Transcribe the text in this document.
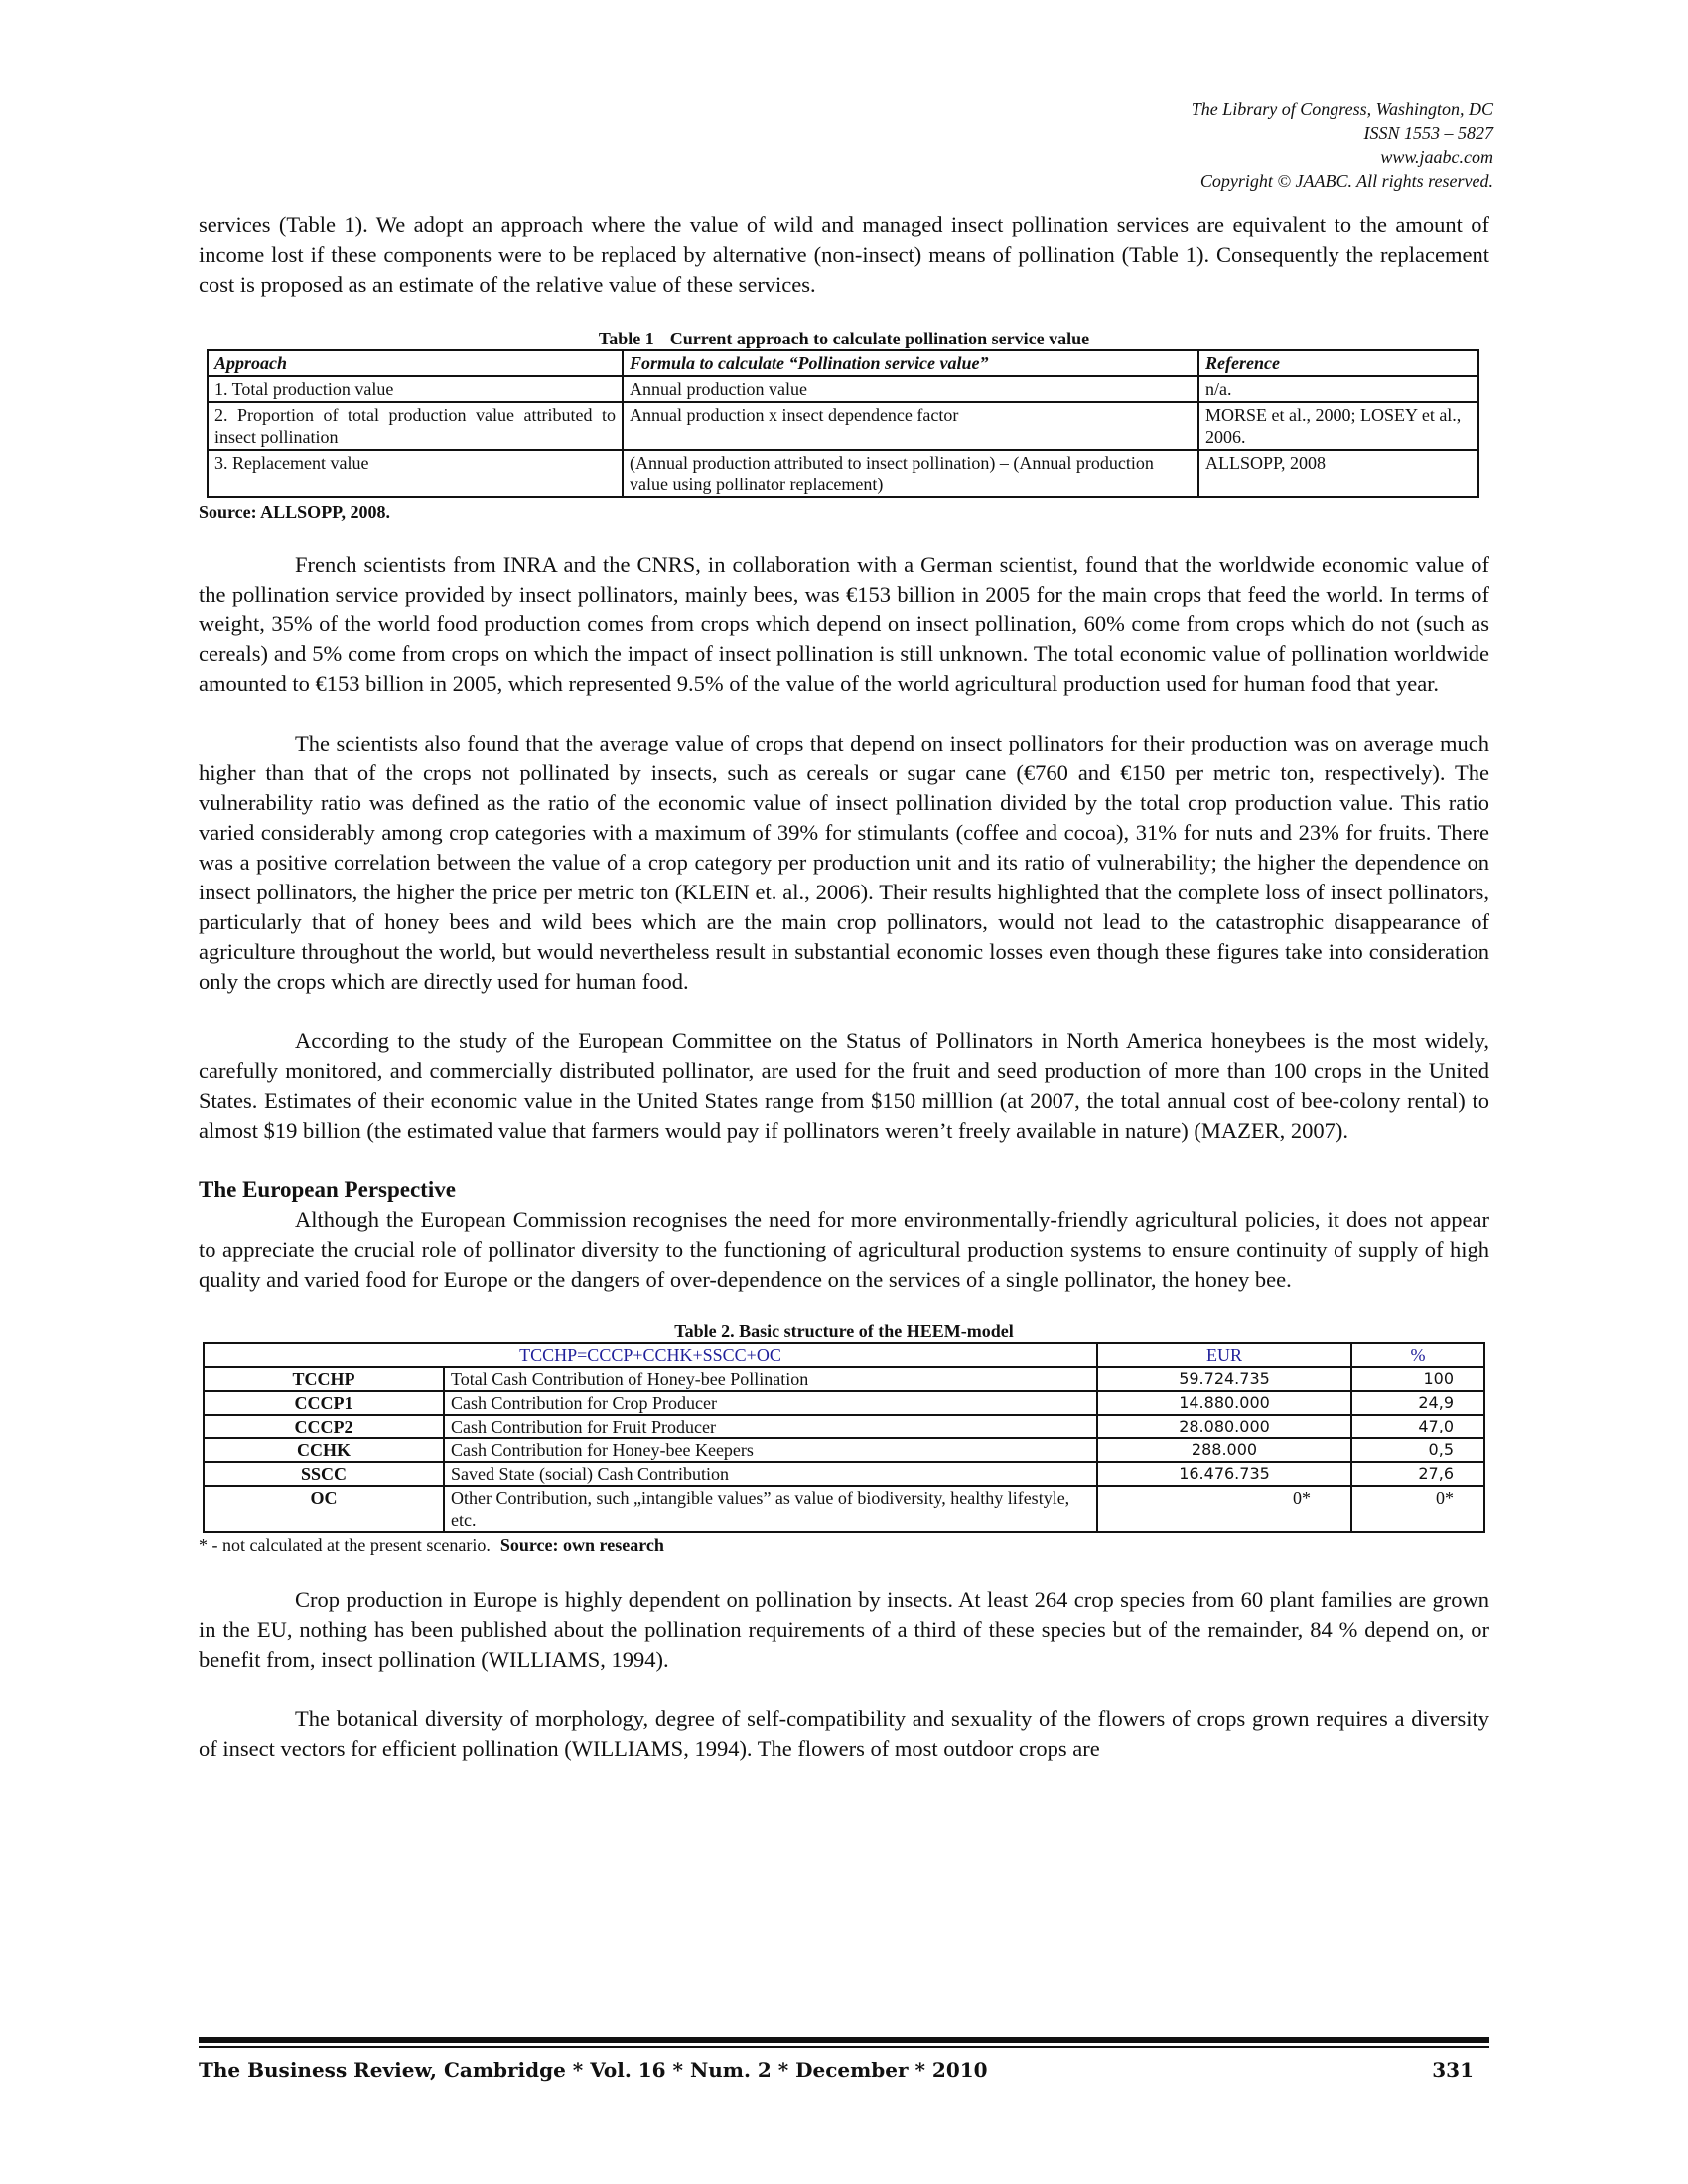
The Library of Congress, Washington, DC
ISSN 1553 – 5827
www.jaabc.com
Copyright © JAABC. All rights reserved.

services (Table 1). We adopt an approach where the value of wild and managed insect pollination services are equivalent to the amount of income lost if these components were to be replaced by alternative (non-insect) means of pollination (Table 1). Consequently the replacement cost is proposed as an estimate of the relative value of these services.

Table 1 Current approach to calculate pollination service value
Approach	Formula to calculate “Pollination service value”	Reference
1. Total production value	Annual production value	n/a.
2. Proportion of total production value attributed to insect pollination	Annual production x insect dependence factor	MORSE et al., 2000; LOSEY et al., 2006.
3. Replacement value	(Annual production attributed to insect pollination) – (Annual production value using pollinator replacement)	ALLSOPP, 2008
Source: ALLSOPP, 2008.

French scientists from INRA and the CNRS, in collaboration with a German scientist, found that the worldwide economic value of the pollination service provided by insect pollinators, mainly bees, was €153 billion in 2005 for the main crops that feed the world. In terms of weight, 35% of the world food production comes from crops which depend on insect pollination, 60% come from crops which do not (such as cereals) and 5% come from crops on which the impact of insect pollination is still unknown. The total economic value of pollination worldwide amounted to €153 billion in 2005, which represented 9.5% of the value of the world agricultural production used for human food that year.

The scientists also found that the average value of crops that depend on insect pollinators for their production was on average much higher than that of the crops not pollinated by insects, such as cereals or sugar cane (€760 and €150 per metric ton, respectively). The vulnerability ratio was defined as the ratio of the economic value of insect pollination divided by the total crop production value. This ratio varied considerably among crop categories with a maximum of 39% for stimulants (coffee and cocoa), 31% for nuts and 23% for fruits. There was a positive correlation between the value of a crop category per production unit and its ratio of vulnerability; the higher the dependence on insect pollinators, the higher the price per metric ton (KLEIN et. al., 2006). Their results highlighted that the complete loss of insect pollinators, particularly that of honey bees and wild bees which are the main crop pollinators, would not lead to the catastrophic disappearance of agriculture throughout the world, but would nevertheless result in substantial economic losses even though these figures take into consideration only the crops which are directly used for human food.

According to the study of the European Committee on the Status of Pollinators in North America honeybees is the most widely, carefully monitored, and commercially distributed pollinator, are used for the fruit and seed production of more than 100 crops in the United States. Estimates of their economic value in the United States range from $150 milllion (at 2007, the total annual cost of bee-colony rental) to almost $19 billion (the estimated value that farmers would pay if pollinators weren’t freely available in nature) (MAZER, 2007).

The European Perspective

Although the European Commission recognises the need for more environmentally-friendly agricultural policies, it does not appear to appreciate the crucial role of pollinator diversity to the functioning of agricultural production systems to ensure continuity of supply of high quality and varied food for Europe or the dangers of over-dependence on the services of a single pollinator, the honey bee.

Table 2. Basic structure of the HEEM-model
TCCHP=CCCP+CCHK+SSCC+OC		EUR	%
TCCHP	Total Cash Contribution of Honey-bee Pollination	59.724.735	100
CCCP1	Cash Contribution for Crop Producer	14.880.000	24,9
CCCP2	Cash Contribution for Fruit Producer	28.080.000	47,0
CCHK	Cash Contribution for Honey-bee Keepers	288.000	0,5
SSCC	Saved State (social) Cash Contribution	16.476.735	27,6
OC	Other Contribution, such „intangible values” as value of biodiversity, healthy lifestyle, etc.	0*	0*
* - not calculated at the present scenario. Source: own research

Crop production in Europe is highly dependent on pollination by insects. At least 264 crop species from 60 plant families are grown in the EU, nothing has been published about the pollination requirements of a third of these species but of the remainder, 84 % depend on, or benefit from, insect pollination (WILLIAMS, 1994).

The botanical diversity of morphology, degree of self-compatibility and sexuality of the flowers of crops grown requires a diversity of insect vectors for efficient pollination (WILLIAMS, 1994). The flowers of most outdoor crops are

The Business Review, Cambridge * Vol. 16 * Num. 2 * December * 2010	331
